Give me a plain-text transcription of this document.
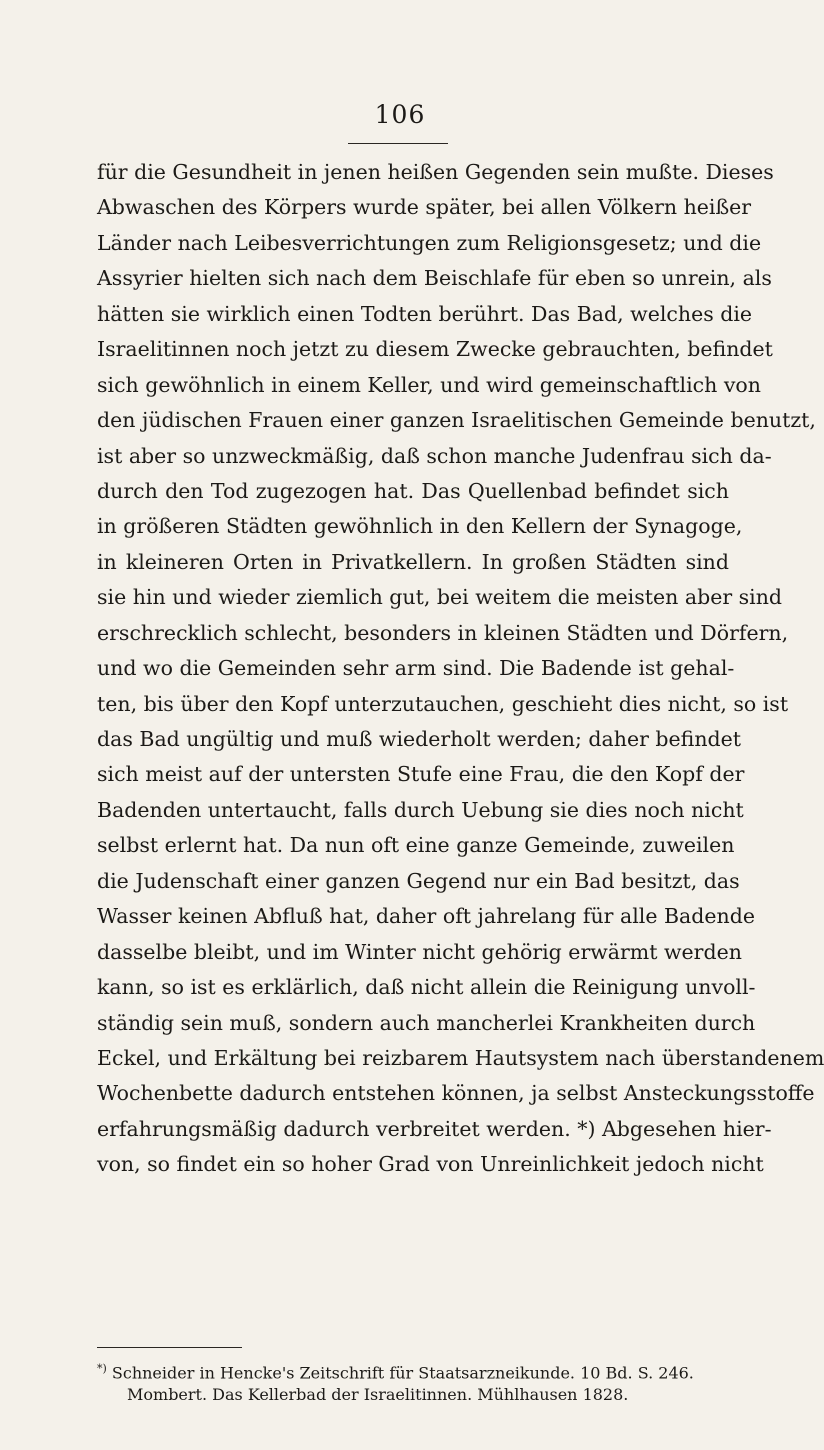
106
für die Gesundheit in jenen heißen Gegenden sein mußte. Dieses
Abwaschen des Körpers wurde später, bei allen Völkern heißer
Länder nach Leibesverrichtungen zum Religionsgesetz; und die
Assyrier hielten sich nach dem Beischlafe für eben so unrein, als
hätten sie wirklich einen Todten berührt. Das Bad, welches die
Israelitinnen noch jetzt zu diesem Zwecke gebrauchten, befindet
sich gewöhnlich in einem Keller, und wird gemeinschaftlich von
den jüdischen Frauen einer ganzen Israelitischen Gemeinde benutzt,
ist aber so unzweckmäßig, daß schon manche Judenfrau sich da-
durch den Tod zugezogen hat. Das Quellenbad befindet sich
in größeren Städten gewöhnlich in den Kellern der Synagoge,
in kleineren Orten in Privatkellern. In großen Städten sind
sie hin und wieder ziemlich gut, bei weitem die meisten aber sind
erschrecklich schlecht, besonders in kleinen Städten und Dörfern,
und wo die Gemeinden sehr arm sind. Die Badende ist gehal-
ten, bis über den Kopf unterzutauchen, geschieht dies nicht, so ist
das Bad ungültig und muß wiederholt werden; daher befindet
sich meist auf der untersten Stufe eine Frau, die den Kopf der
Badenden untertaucht, falls durch Uebung sie dies noch nicht
selbst erlernt hat. Da nun oft eine ganze Gemeinde, zuweilen
die Judenschaft einer ganzen Gegend nur ein Bad besitzt, das
Wasser keinen Abfluß hat, daher oft jahrelang für alle Badende
dasselbe bleibt, und im Winter nicht gehörig erwärmt werden
kann, so ist es erklärlich, daß nicht allein die Reinigung unvoll-
ständig sein muß, sondern auch mancherlei Krankheiten durch
Eckel, und Erkältung bei reizbarem Hautsystem nach überstandenem
Wochenbette dadurch entstehen können, ja selbst Ansteckungsstoffe
erfahrungsmäßig dadurch verbreitet werden. *) Abgesehen hier-
von, so findet ein so hoher Grad von Unreinlichkeit jedoch nicht
*) Schneider in Hencke's Zeitschrift für Staatsarzneikunde. 10 Bd. S. 246.
Mombert. Das Kellerbad der Israelitinnen. Mühlhausen 1828.
